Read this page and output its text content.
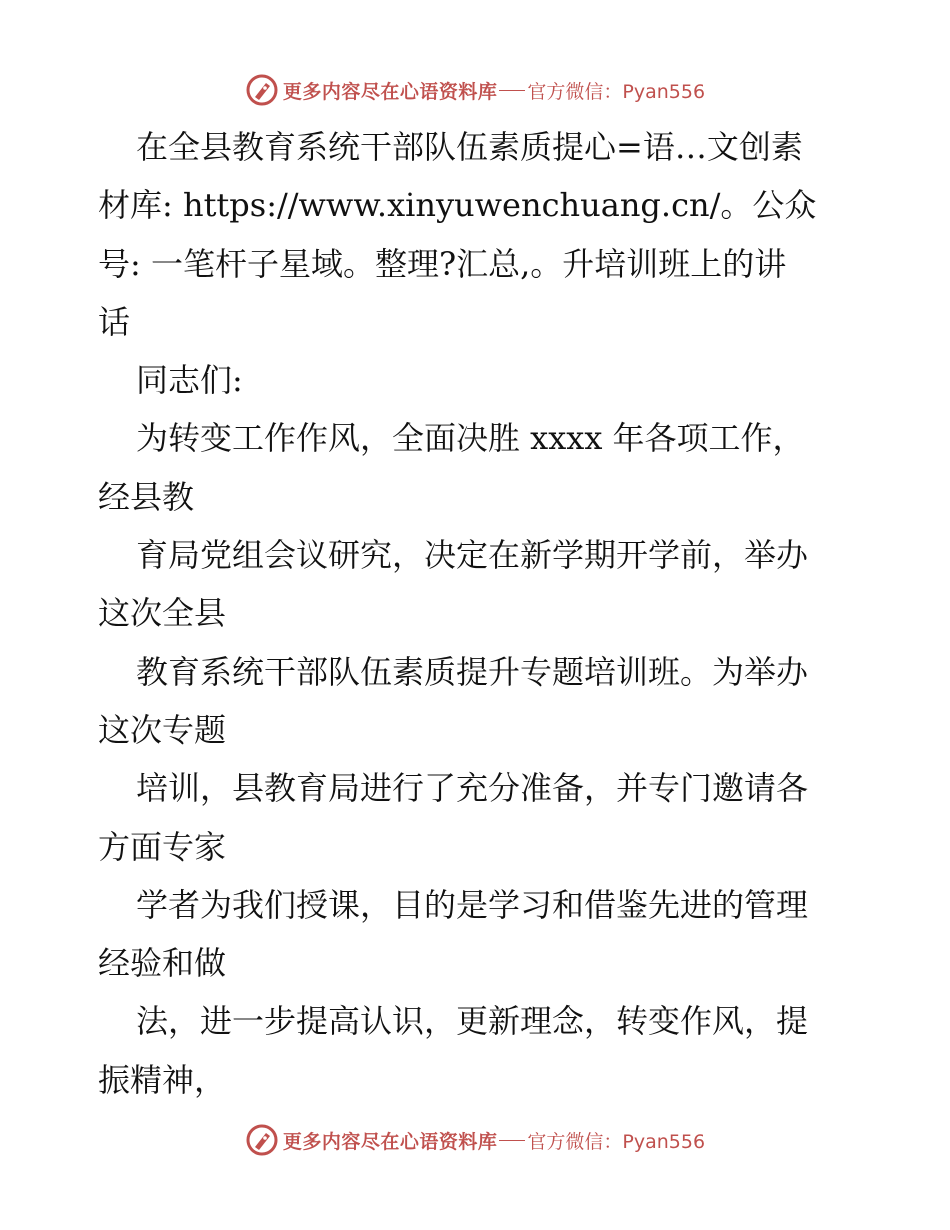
更多内容尽在心语资料库 官方微信：Pyan556
在全县教育系统干部队伍素质提心=语…文创素
材库: https://www.xinyuwenchuang.cn/。公众
号: 一笔杆子星域。整理?汇总,。升培训班上的讲
话
同志们:
为转变工作作风，全面决胜 xxxx 年各项工作，
经县教
育局党组会议研究，决定在新学期开学前，举办
这次全县
教育系统干部队伍素质提升专题培训班。为举办
这次专题
培训，县教育局进行了充分准备，并专门邀请各
方面专家
学者为我们授课，目的是学习和借鉴先进的管理
经验和做
法，进一步提高认识，更新理念，转变作风，提
振精神，
更多内容尽在心语资料库 官方微信：Pyan556
